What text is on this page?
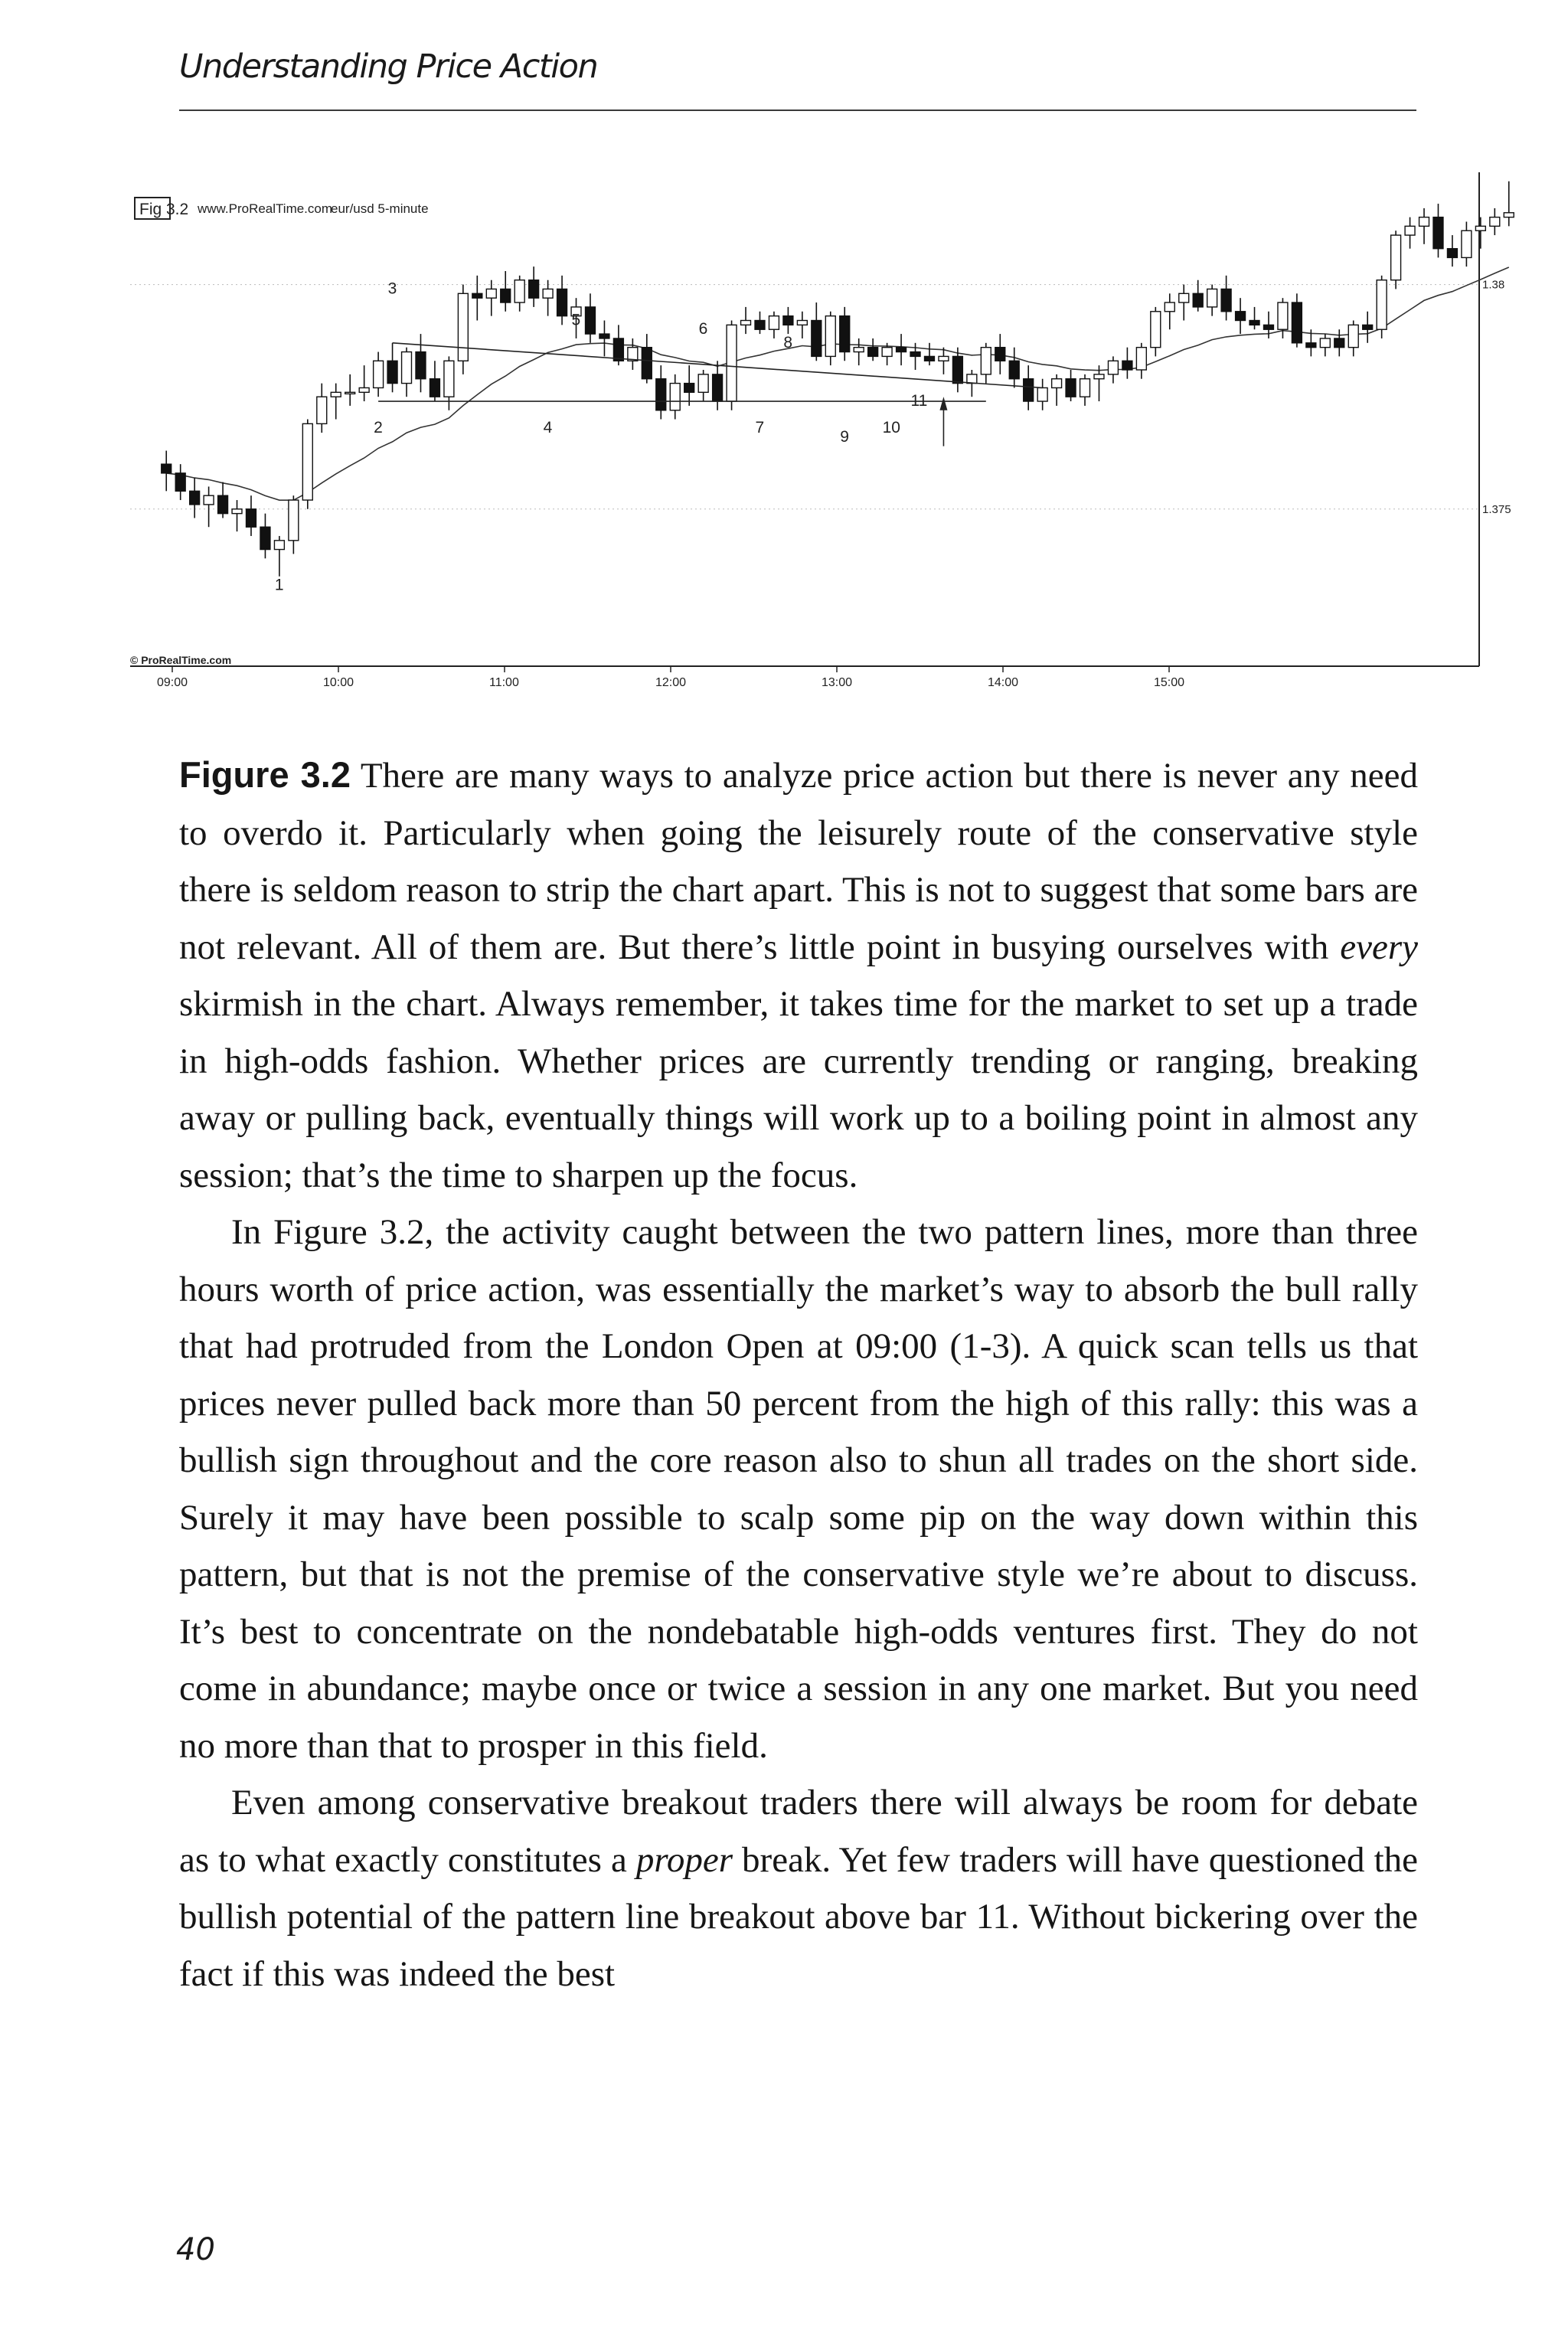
Understanding Price Action
Fig 3.2 www.ProRealTime.com
eur/usd 5-minute
© ProRealTime.com
1.38
1.375
09:00	10:00	11:00	12:00	13:00	14:00	15:00
1
2
3
4
5
6
7
8
9
10
11

Figure 3.2 There are many ways to analyze price action but there is never any need to overdo it. Particularly when going the leisurely route of the conservative style there is seldom reason to strip the chart apart. This is not to suggest that some bars are not relevant. All of them are. But there’s little point in busying ourselves with every skirmish in the chart. Always remember, it takes time for the market to set up a trade in high-odds fashion. Whether prices are currently trending or ranging, breaking away or pulling back, eventually things will work up to a boiling point in almost any session; that’s the time to sharpen up the focus.

In Figure 3.2, the activity caught between the two pattern lines, more than three hours worth of price action, was essentially the market’s way to absorb the bull rally that had protruded from the London Open at 09:00 (1-3). A quick scan tells us that prices never pulled back more than 50 percent from the high of this rally: this was a bullish sign throughout and the core reason also to shun all trades on the short side. Surely it may have been possible to scalp some pip on the way down within this pattern, but that is not the premise of the conservative style we’re about to discuss. It’s best to concentrate on the nondebatable high-odds ventures first. They do not come in abundance; maybe once or twice a session in any one market. But you need no more than that to prosper in this field.

Even among conservative breakout traders there will always be room for debate as to what exactly constitutes a proper break. Yet few traders will have questioned the bullish potential of the pattern line breakout above bar 11. Without bickering over the fact if this was indeed the best

40
